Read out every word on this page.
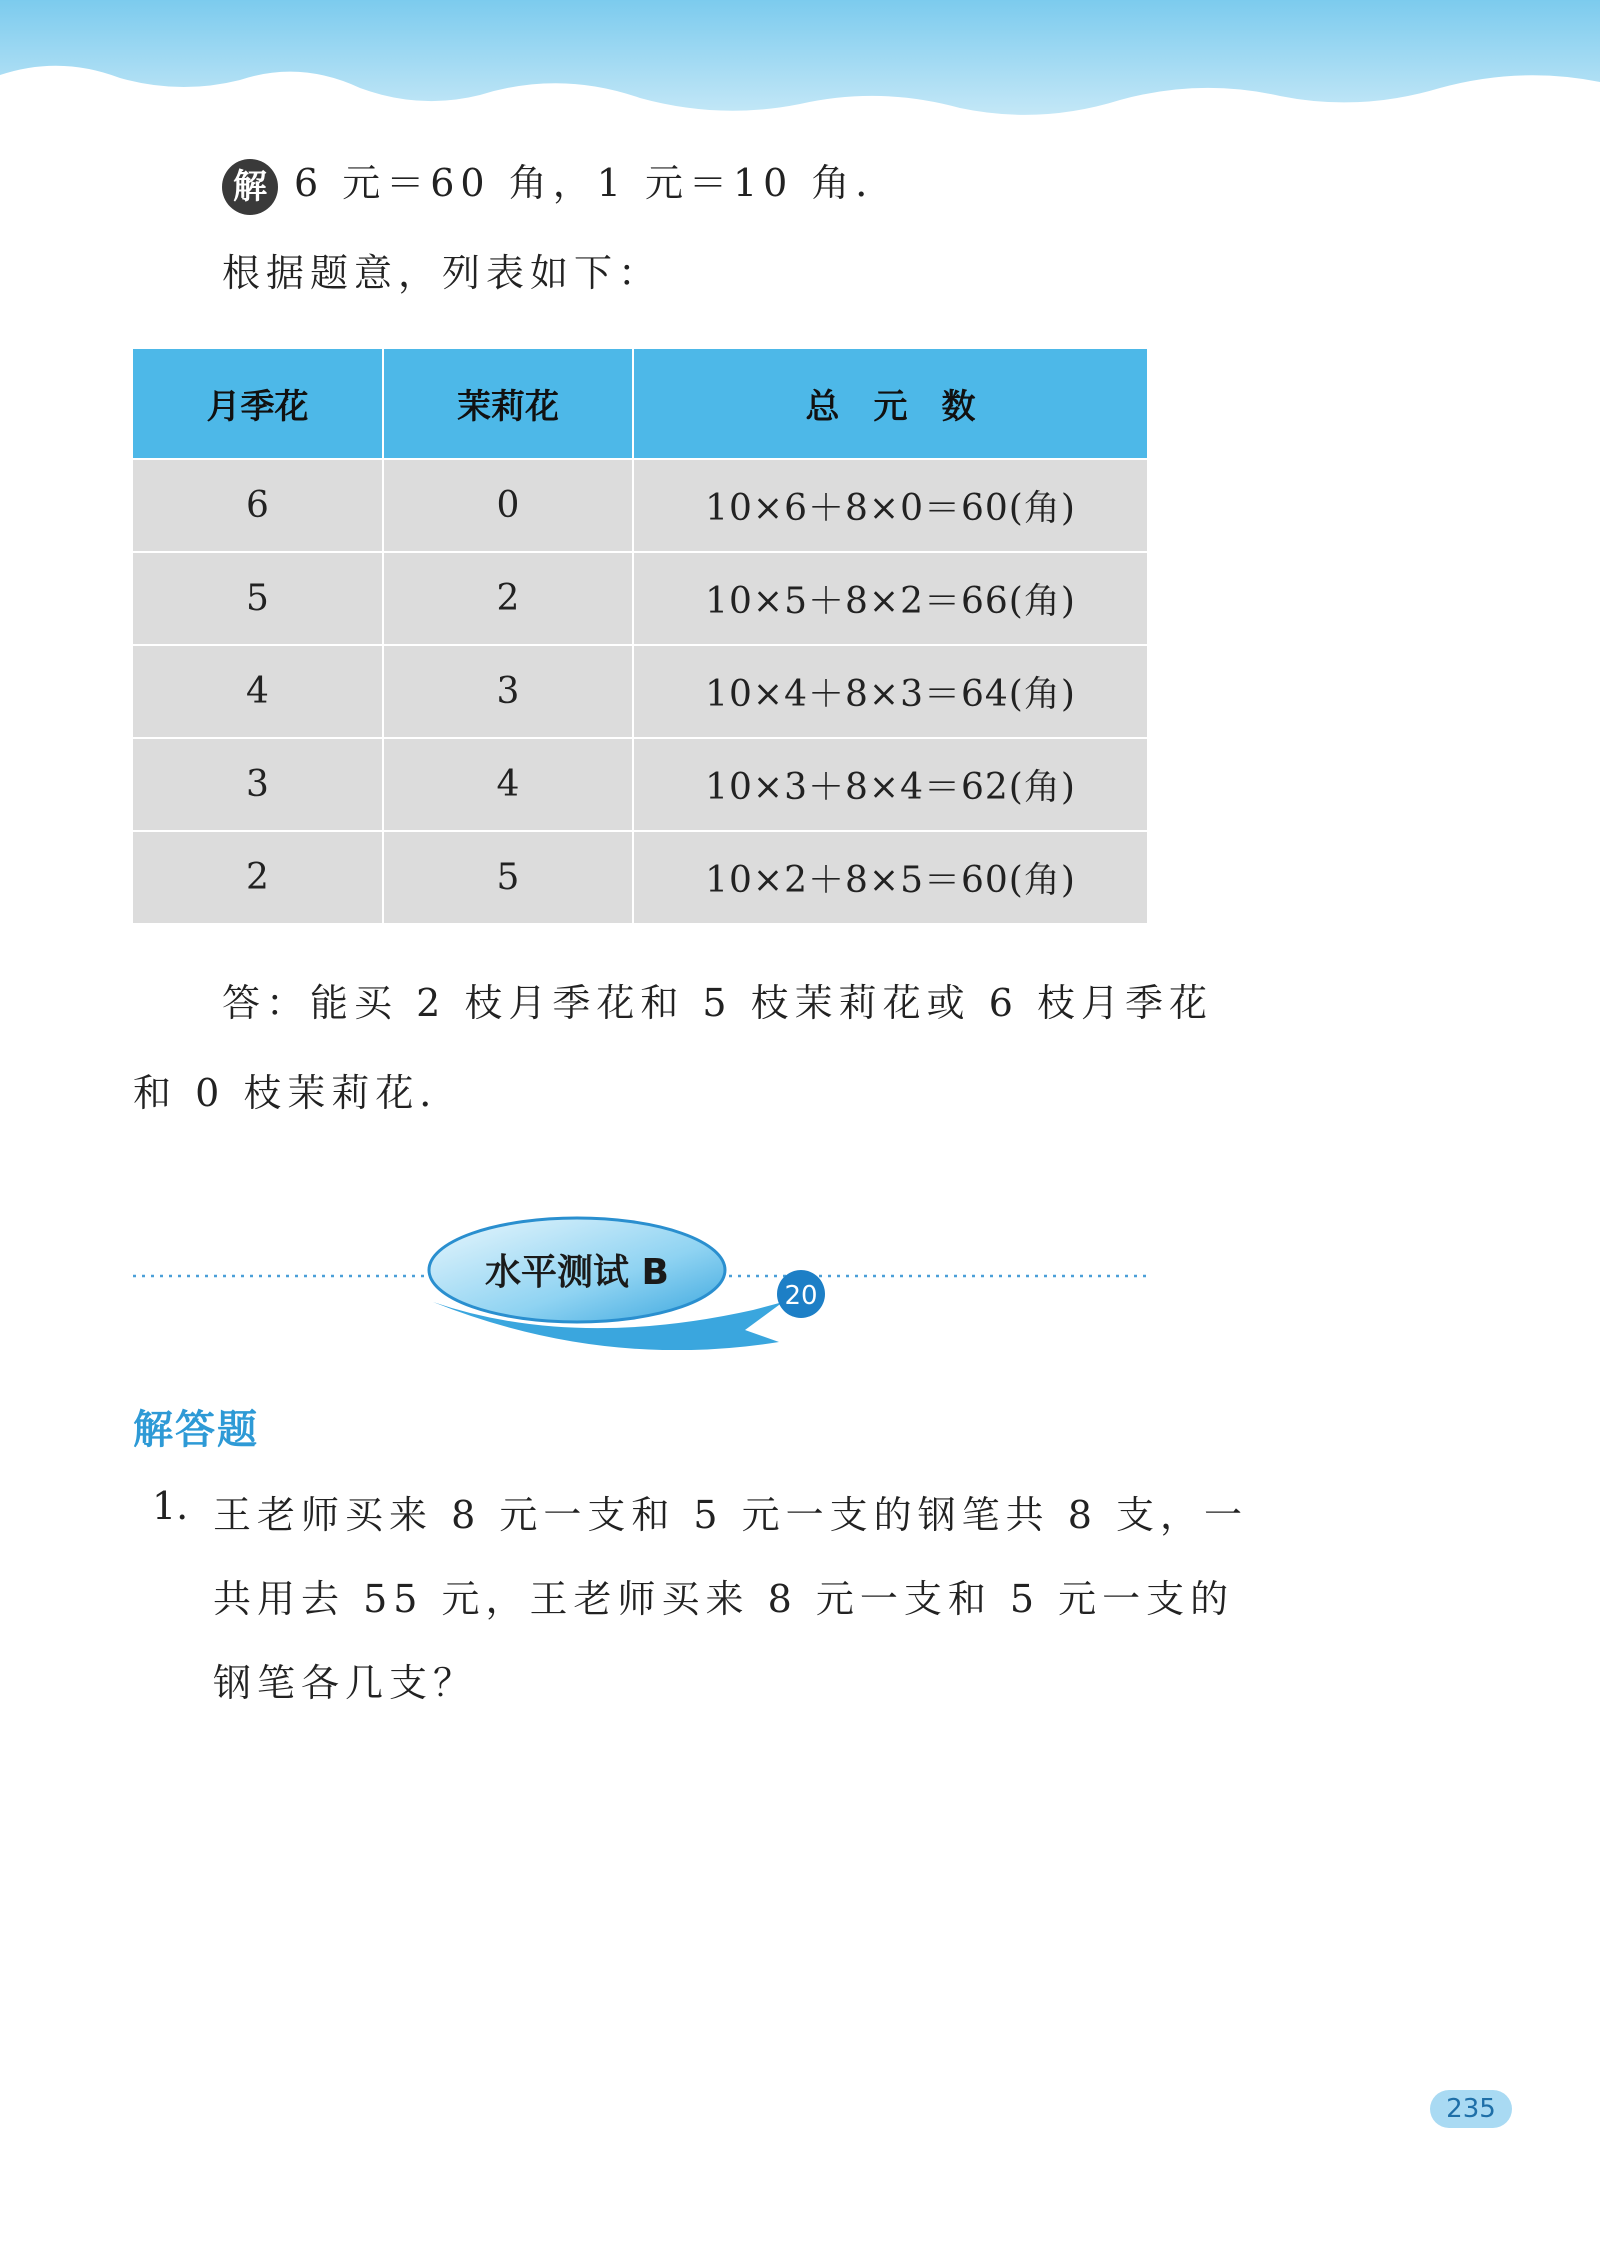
解 6 元＝60 角，1 元＝10 角．
根据题意，列表如下：
月季花	茉莉花	总　元　数
6	0	10×6＋8×0＝60(角)
5	2	10×5＋8×2＝66(角)
4	3	10×4＋8×3＝64(角)
3	4	10×3＋8×4＝62(角)
2	5	10×2＋8×5＝60(角)
答：能买 2 枝月季花和 5 枝茉莉花或 6 枝月季花
和 0 枝茉莉花．
水平测试 B
20
解答题
1. 王老师买来 8 元一支和 5 元一支的钢笔共 8 支，一
共用去 55 元，王老师买来 8 元一支和 5 元一支的
钢笔各几支？
235
